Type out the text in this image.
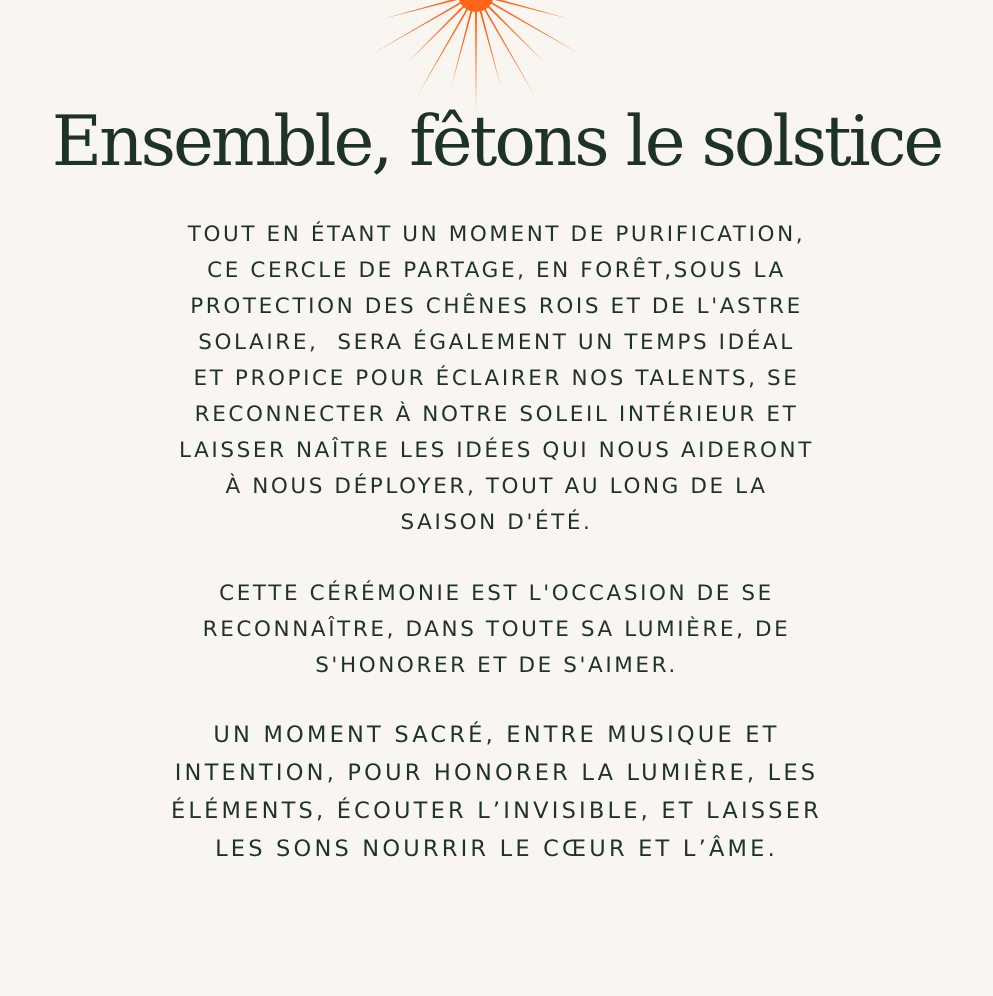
Ensemble, fêtons le solstice
TOUT EN ÉTANT UN MOMENT DE PURIFICATION,
CE CERCLE DE PARTAGE, EN FORÊT,SOUS LA
PROTECTION DES CHÊNES ROIS ET DE L'ASTRE
SOLAIRE,  SERA ÉGALEMENT UN TEMPS IDÉAL
ET PROPICE POUR ÉCLAIRER NOS TALENTS, SE
RECONNECTER À NOTRE SOLEIL INTÉRIEUR ET
LAISSER NAÎTRE LES IDÉES QUI NOUS AIDERONT
À NOUS DÉPLOYER, TOUT AU LONG DE LA
SAISON D'ÉTÉ.
CETTE CÉRÉMONIE EST L'OCCASION DE SE
RECONNAÎTRE, DANS TOUTE SA LUMIÈRE, DE
S'HONORER ET DE S'AIMER.
UN MOMENT SACRÉ, ENTRE MUSIQUE ET
INTENTION, POUR HONORER LA LUMIÈRE, LES
ÉLÉMENTS, ÉCOUTER L’INVISIBLE, ET LAISSER
LES SONS NOURRIR LE CŒUR ET L’ÂME.
